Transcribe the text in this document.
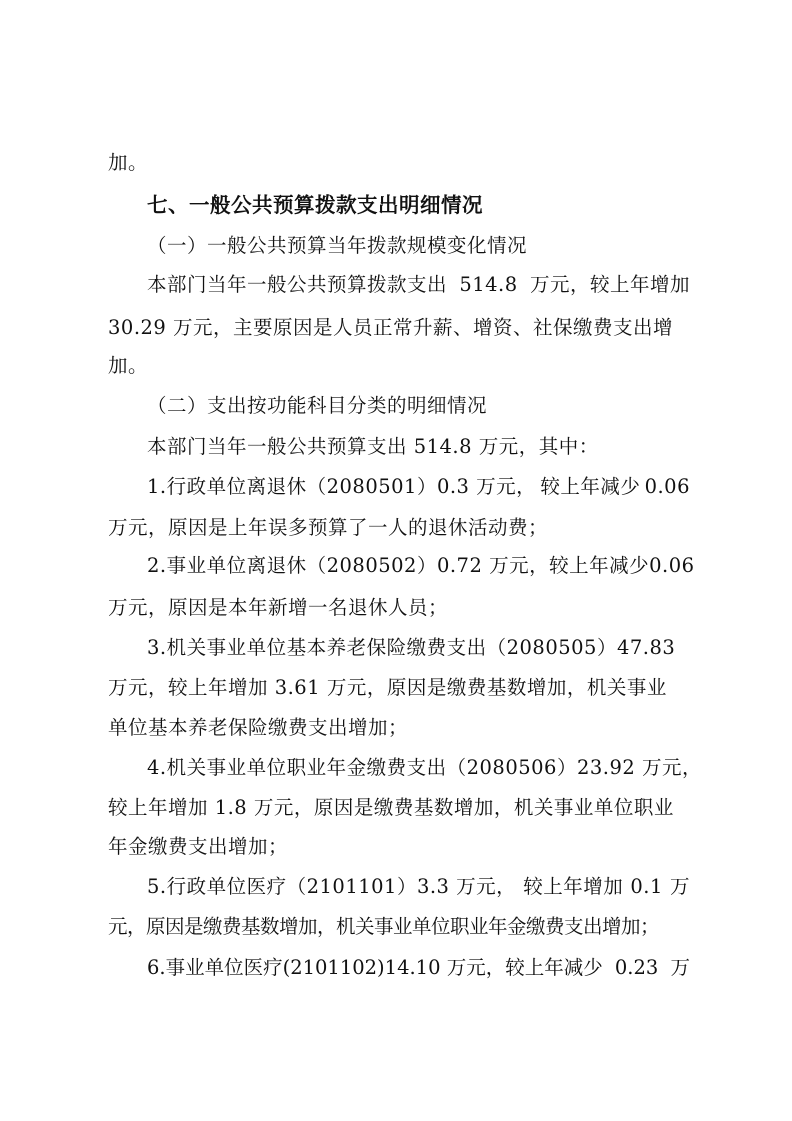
加。
七、一般公共预算拨款支出明细情况
（一）一般公共预算当年拨款规模变化情况
本部门当年一般公共预算拨款支出 514.8 万元，较上年增加
30.29 万元，主要原因是人员正常升薪、增资、社保缴费支出增
加。
（二）支出按功能科目分类的明细情况
本部门当年一般公共预算支出 514.8 万元，其中：
1.行政单位离退休（2080501）0.3 万元， 较上年减少 0.06
万元，原因是上年误多预算了一人的退休活动费；
2.事业单位离退休（2080502）0.72 万元， 较上年减少 0.06
万元，原因是本年新增一名退休人员；
3.机关事业单位基本养老保险缴费支出（2080505）47.83
万元，较上年增加 3.61 万元，原因是缴费基数增加，机关事业
单位基本养老保险缴费支出增加；
4.机关事业单位职业年金缴费支出（2080506）23.92 万元，
较上年增加 1.8 万元，原因是缴费基数增加，机关事业单位职业
年金缴费支出增加；
5.行政单位医疗（2101101）3.3 万元， 较上年增加 0.1 万
元，原因是缴费基数增加，机关事业单位职业年金缴费支出增加；
6.事业单位医疗(2101102)14.10 万元，较上年减少 0.23 万
